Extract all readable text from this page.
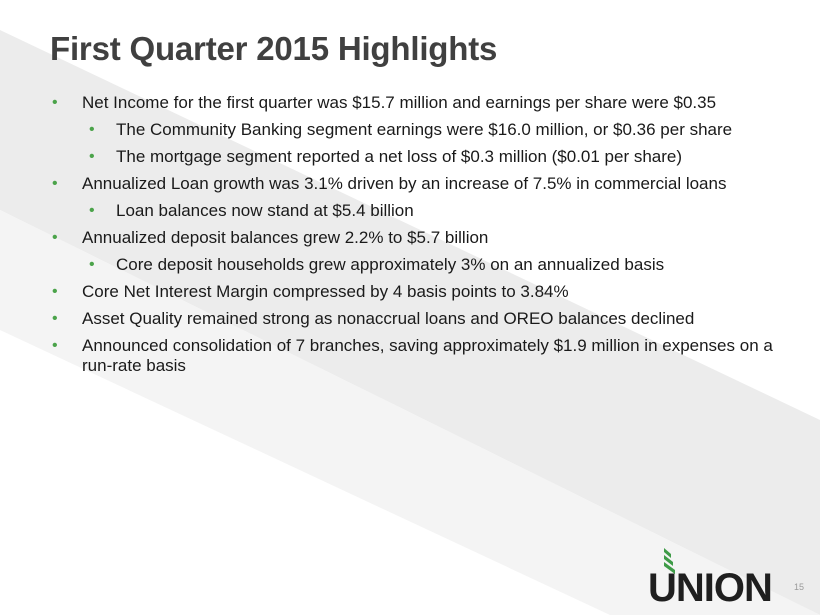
First Quarter 2015 Highlights
• Net Income for the first quarter was $15.7 million and earnings per share were $0.35
• The Community Banking segment earnings were $16.0 million, or $0.36 per share
• The mortgage segment reported a net loss of $0.3 million ($0.01 per share)
• Annualized Loan growth was 3.1% driven by an increase of 7.5% in commercial loans
• Loan balances now stand at $5.4 billion
• Annualized deposit balances grew 2.2% to $5.7 billion
• Core deposit households grew approximately 3% on an annualized basis
• Core Net Interest Margin compressed by 4 basis points to 3.84%
• Asset Quality remained strong as nonaccrual loans and OREO balances declined
• Announced consolidation of 7 branches, saving approximately $1.9 million in expenses on a run-rate basis
UNION	15
